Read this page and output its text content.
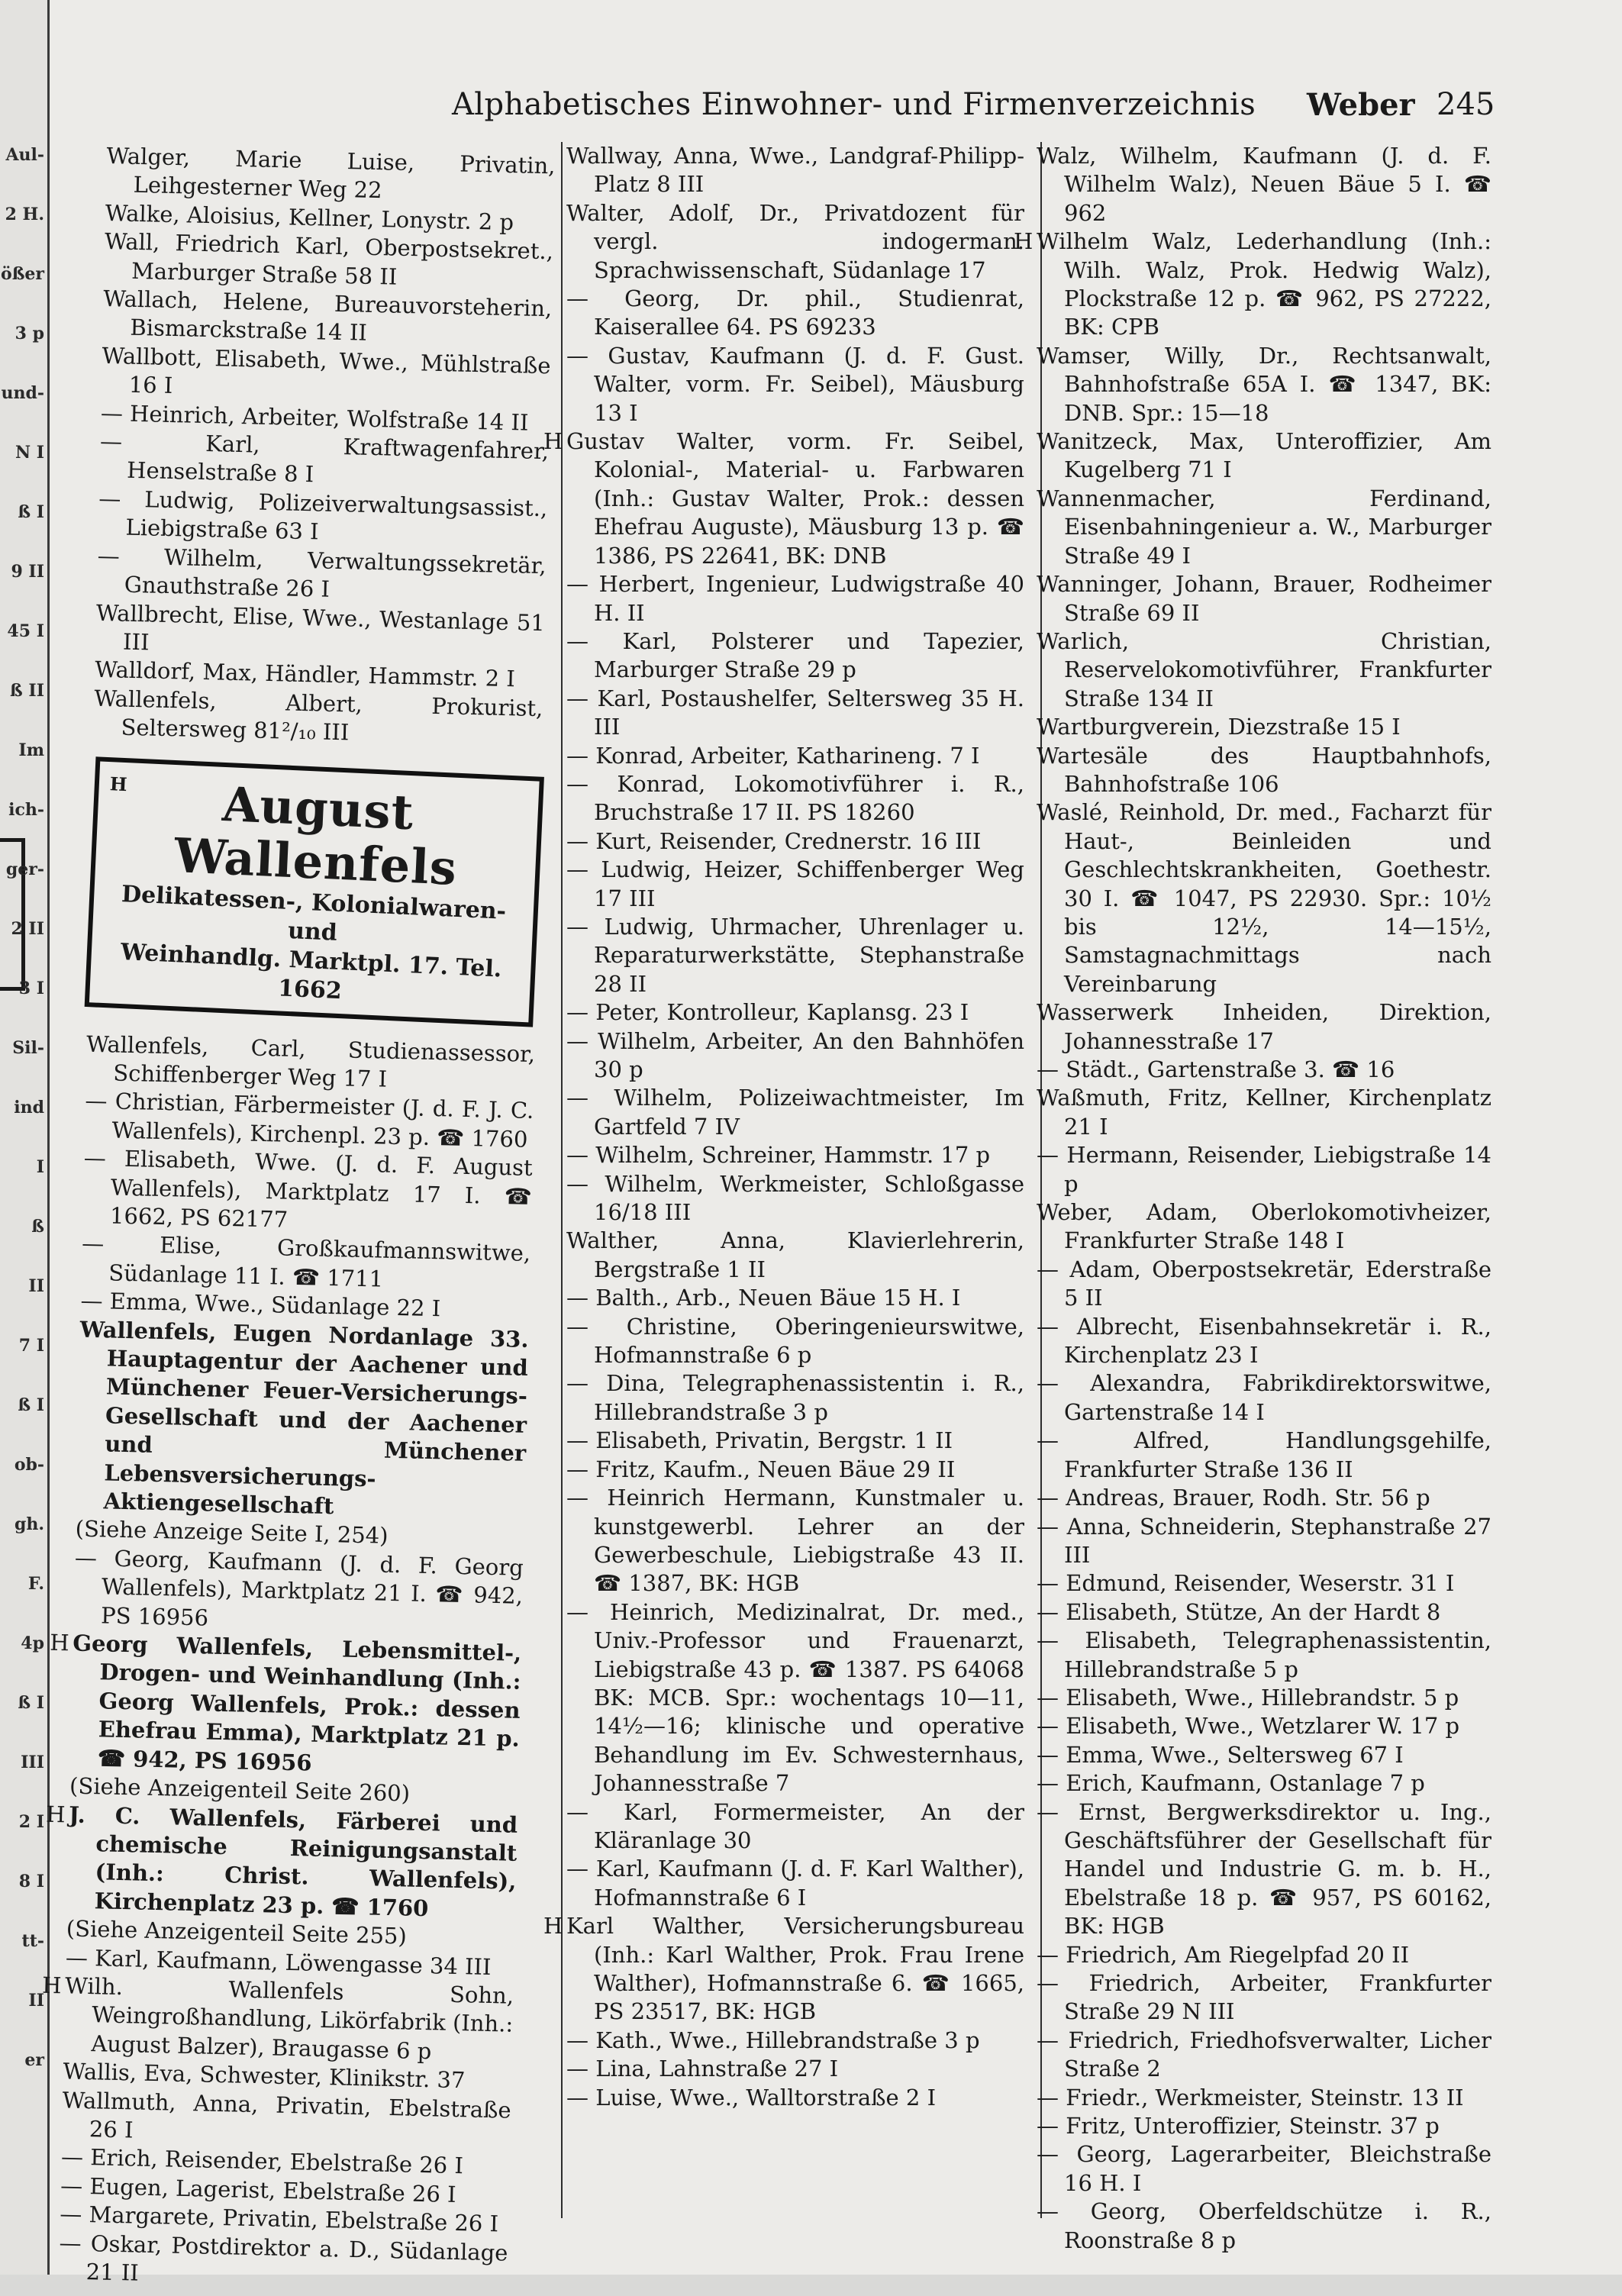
Aul-
2 H.
ößer
3 p
und-
N I
ß I
9 II
45 I
ß II
Im
ich-
ger-
2 II
3 I
Sil-
ind
I
ß
II
7 I
ß I
ob-
gh.
F.
4p
ß I
III
2 I
8 I
tt-
II
er
Alphabetisches Einwohner- und Firmenverzeichnis Weber 245
Walger, Marie Luise, Privatin, Leihgesterner Weg 22
Walke, Aloisius, Kellner, Lonystr. 2 p
Wall, Friedrich Karl, Oberpostsekret., Marburger Straße 58 II
Wallach, Helene, Bureauvorsteherin, Bismarckstraße 14 II
Wallbott, Elisabeth, Wwe., Mühlstraße 16 I
— Heinrich, Arbeiter, Wolfstraße 14 II
— Karl, Kraftwagenfahrer, Henselstraße 8 I
— Ludwig, Polizeiverwaltungsassist., Liebigstraße 63 I
— Wilhelm, Verwaltungssekretär, Gnauthstraße 26 I
Wallbrecht, Elise, Wwe., Westanlage 51 III
Walldorf, Max, Händler, Hammstr. 2 I
Wallenfels, Albert, Prokurist, Seltersweg 81²/₁₀ III
H	August Wallenfels
Delikatessen-, Kolonialwaren- und
Weinhandlg. Marktpl. 17. Tel. 1662
Wallenfels, Carl, Studienassessor, Schiffenberger Weg 17 I
— Christian, Färbermeister (J. d. F. J. C. Wallenfels), Kirchenpl. 23 p. ☎ 1760
— Elisabeth, Wwe. (J. d. F. August Wallenfels), Marktplatz 17 I. ☎ 1662, PS 62177
— Elise, Großkaufmannswitwe, Südanlage 11 I. ☎ 1711
— Emma, Wwe., Südanlage 22 I
Wallenfels, Eugen Nordanlage 33. Hauptagentur der Aachener und Münchener Feuer-Versicherungs-Gesellschaft und der Aachener und Münchener Lebensversicherungs-Aktiengesellschaft
(Siehe Anzeige Seite I, 254)
— Georg, Kaufmann (J. d. F. Georg Wallenfels), Marktplatz 21 I. ☎ 942, PS 16956
H Georg Wallenfels, Lebensmittel-, Drogen- und Weinhandlung (Inh.: Georg Wallenfels, Prok.: dessen Ehefrau Emma), Marktplatz 21 p. ☎ 942, PS 16956
(Siehe Anzeigenteil Seite 260)
H J. C. Wallenfels, Färberei und chemische Reinigungsanstalt (Inh.: Christ. Wallenfels), Kirchenplatz 23 p. ☎ 1760
(Siehe Anzeigenteil Seite 255)
— Karl, Kaufmann, Löwengasse 34 III
H Wilh. Wallenfels Sohn, Weingroßhandlung, Likörfabrik (Inh.: August Balzer), Braugasse 6 p
Wallis, Eva, Schwester, Klinikstr. 37
Wallmuth, Anna, Privatin, Ebelstraße 26 I
— Erich, Reisender, Ebelstraße 26 I
— Eugen, Lagerist, Ebelstraße 26 I
— Margarete, Privatin, Ebelstraße 26 I
— Oskar, Postdirektor a. D., Südanlage 21 II
Wallway, Anna, Wwe., Landgraf-Philipp-Platz 8 III
Walter, Adolf, Dr., Privatdozent für vergl. indogerman. Sprachwissenschaft, Südanlage 17
— Georg, Dr. phil., Studienrat, Kaiserallee 64. PS 69233
— Gustav, Kaufmann (J. d. F. Gust. Walter, vorm. Fr. Seibel), Mäusburg 13 I
H Gustav Walter, vorm. Fr. Seibel, Kolonial-, Material- u. Farbwaren (Inh.: Gustav Walter, Prok.: dessen Ehefrau Auguste), Mäusburg 13 p. ☎ 1386, PS 22641, BK: DNB
— Herbert, Ingenieur, Ludwigstraße 40 H. II
— Karl, Polsterer und Tapezier, Marburger Straße 29 p
— Karl, Postaushelfer, Seltersweg 35 H. III
— Konrad, Arbeiter, Katharineng. 7 I
— Konrad, Lokomotivführer i. R., Bruchstraße 17 II. PS 18260
— Kurt, Reisender, Crednerstr. 16 III
— Ludwig, Heizer, Schiffenberger Weg 17 III
— Ludwig, Uhrmacher, Uhrenlager u. Reparaturwerkstätte, Stephanstraße 28 II
— Peter, Kontrolleur, Kaplansg. 23 I
— Wilhelm, Arbeiter, An den Bahnhöfen 30 p
— Wilhelm, Polizeiwachtmeister, Im Gartfeld 7 IV
— Wilhelm, Schreiner, Hammstr. 17 p
— Wilhelm, Werkmeister, Schloßgasse 16/18 III
Walther, Anna, Klavierlehrerin, Bergstraße 1 II
— Balth., Arb., Neuen Bäue 15 H. I
— Christine, Oberingenieurswitwe, Hofmannstraße 6 p
— Dina, Telegraphenassistentin i. R., Hillebrandstraße 3 p
— Elisabeth, Privatin, Bergstr. 1 II
— Fritz, Kaufm., Neuen Bäue 29 II
— Heinrich Hermann, Kunstmaler u. kunstgewerbl. Lehrer an der Gewerbeschule, Liebigstraße 43 II. ☎ 1387, BK: HGB
— Heinrich, Medizinalrat, Dr. med., Univ.-Professor und Frauenarzt, Liebigstraße 43 p. ☎ 1387. PS 64068 BK: MCB. Spr.: wochentags 10—11, 14½—16; klinische und operative Behandlung im Ev. Schwesternhaus, Johannesstraße 7
— Karl, Formermeister, An der Kläranlage 30
— Karl, Kaufmann (J. d. F. Karl Walther), Hofmannstraße 6 I
H Karl Walther, Versicherungsbureau (Inh.: Karl Walther, Prok. Frau Irene Walther), Hofmannstraße 6. ☎ 1665, PS 23517, BK: HGB
— Kath., Wwe., Hillebrandstraße 3 p
— Lina, Lahnstraße 27 I
— Luise, Wwe., Walltorstraße 2 I
Walz, Wilhelm, Kaufmann (J. d. F. Wilhelm Walz), Neuen Bäue 5 I. ☎ 962
H Wilhelm Walz, Lederhandlung (Inh.: Wilh. Walz, Prok. Hedwig Walz), Plockstraße 12 p. ☎ 962, PS 27222, BK: CPB
Wamser, Willy, Dr., Rechtsanwalt, Bahnhofstraße 65A I. ☎ 1347, BK: DNB. Spr.: 15—18
Wanitzeck, Max, Unteroffizier, Am Kugelberg 71 I
Wannenmacher, Ferdinand, Eisenbahningenieur a. W., Marburger Straße 49 I
Wanninger, Johann, Brauer, Rodheimer Straße 69 II
Warlich, Christian, Reservelokomotivführer, Frankfurter Straße 134 II
Wartburgverein, Diezstraße 15 I
Wartesäle des Hauptbahnhofs, Bahnhofstraße 106
Waslé, Reinhold, Dr. med., Facharzt für Haut-, Beinleiden und Geschlechtskrankheiten, Goethestr. 30 I. ☎ 1047, PS 22930. Spr.: 10½ bis 12½, 14—15½, Samstagnachmittags nach Vereinbarung
Wasserwerk Inheiden, Direktion, Johannesstraße 17
— Städt., Gartenstraße 3. ☎ 16
Waßmuth, Fritz, Kellner, Kirchenplatz 21 I
— Hermann, Reisender, Liebigstraße 14 p
Weber, Adam, Oberlokomotivheizer, Frankfurter Straße 148 I
— Adam, Oberpostsekretär, Ederstraße 5 II
— Albrecht, Eisenbahnsekretär i. R., Kirchenplatz 23 I
— Alexandra, Fabrikdirektorswitwe, Gartenstraße 14 I
— Alfred, Handlungsgehilfe, Frankfurter Straße 136 II
— Andreas, Brauer, Rodh. Str. 56 p
— Anna, Schneiderin, Stephanstraße 27 III
— Edmund, Reisender, Weserstr. 31 I
— Elisabeth, Stütze, An der Hardt 8
— Elisabeth, Telegraphenassistentin, Hillebrandstraße 5 p
— Elisabeth, Wwe., Hillebrandstr. 5 p
— Elisabeth, Wwe., Wetzlarer W. 17 p
— Emma, Wwe., Seltersweg 67 I
— Erich, Kaufmann, Ostanlage 7 p
— Ernst, Bergwerksdirektor u. Ing., Geschäftsführer der Gesellschaft für Handel und Industrie G. m. b. H., Ebelstraße 18 p. ☎ 957, PS 60162, BK: HGB
— Friedrich, Am Riegelpfad 20 II
— Friedrich, Arbeiter, Frankfurter Straße 29 N III
— Friedrich, Friedhofsverwalter, Licher Straße 2
— Friedr., Werkmeister, Steinstr. 13 II
— Fritz, Unteroffizier, Steinstr. 37 p
— Georg, Lagerarbeiter, Bleichstraße 16 H. I
— Georg, Oberfeldschütze i. R., Roonstraße 8 p
